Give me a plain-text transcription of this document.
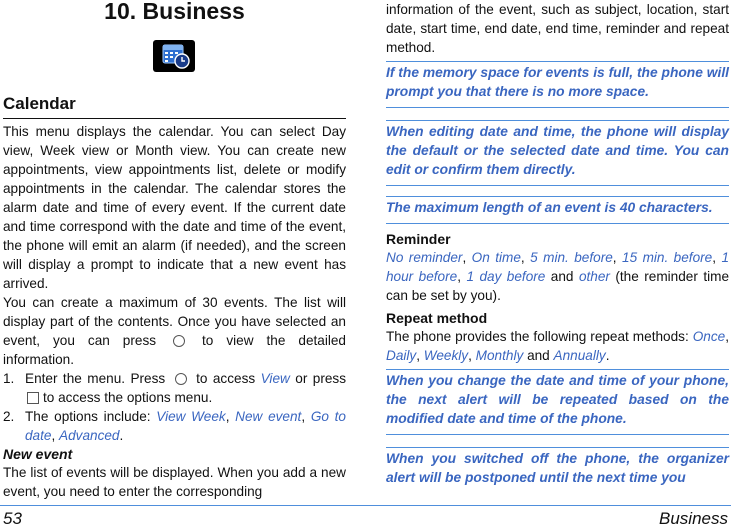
10. Business
Calendar

This menu displays the calendar. You can select Day view, Week view or Month view. You can create new appointments, view appointments list, delete or modify appointments in the calendar. The calendar stores the alarm date and time of every event. If the current date and time correspond with the date and time of the event, the phone will emit an alarm (if needed), and the screen will display a prompt to indicate that a new event has arrived.

You can create a maximum of 30 events. The list will display part of the contents. Once you have selected an event, you can press	to view the detailed information.

1. Enter the menu. Press to access View or pressto access the options menu.
2. The options include: View Week, New event, Go to date, Advanced.

New event

The list of events will be displayed. When you add a new event, you need to enter the corresponding

information of the event, such as subject, location, start date, start time, end date, end time, reminder and repeat method.

If the memory space for events is full, the phone will prompt you that there is no more space.

When editing date and time, the phone will display the default or the selected date and time. You can edit or confirm them directly.

The maximum length of an event is 40 characters.

Reminder

No reminder, On time, 5 min. before, 15 min. before, 1 hour before, 1 day before and other (the reminder time can be set by you).

Repeat method

The phone provides the following repeat methods: Once, Daily, Weekly, Monthly and Annually.

When you change the date and time of your phone, the next alert will be repeated based on the modified date and time of the phone.

When you switched off the phone, the organizer alert will be postponed until the next time you

53	Business
